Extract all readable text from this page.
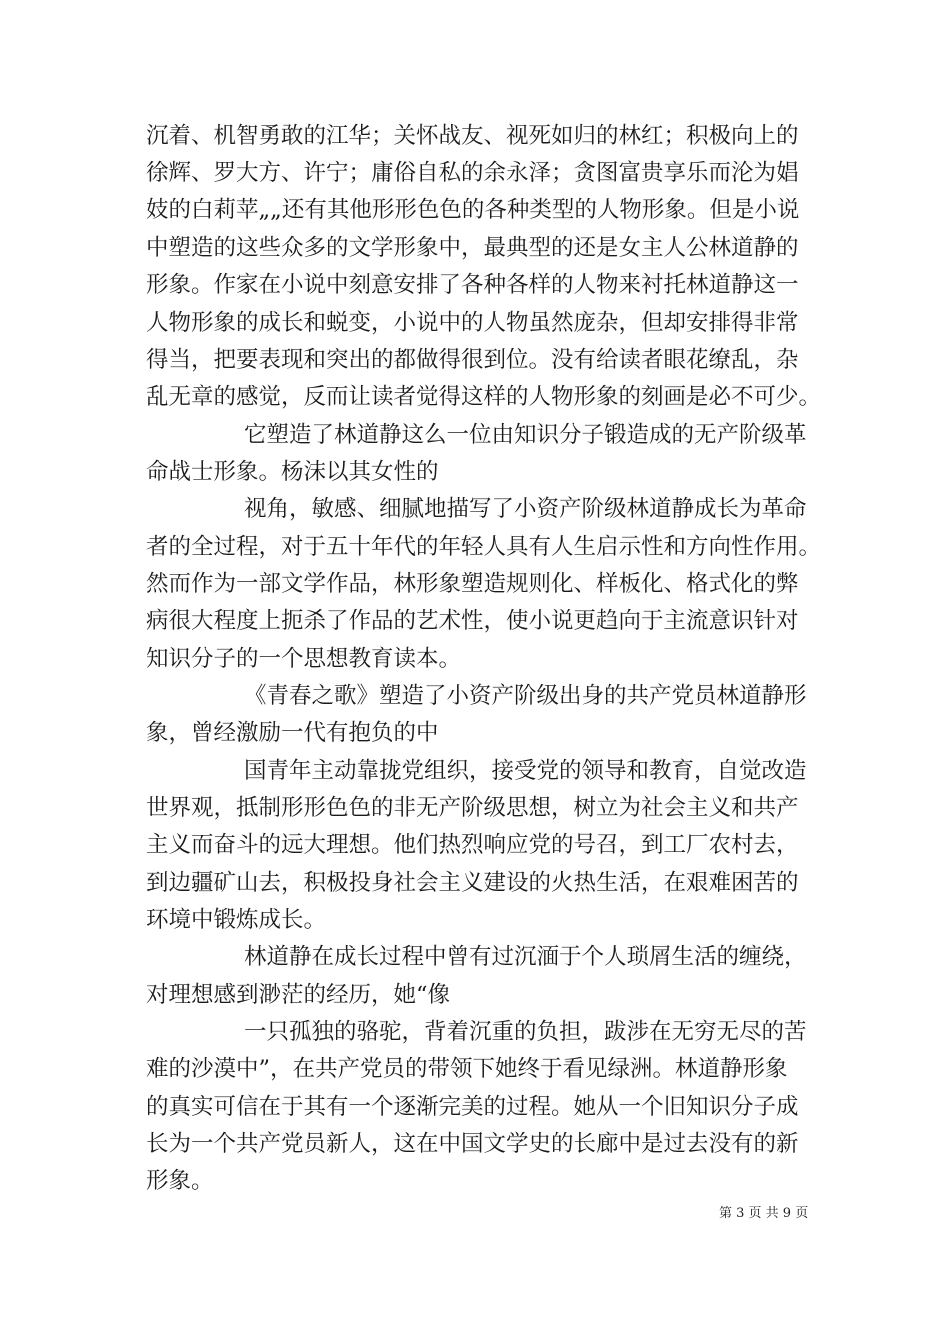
沉着、机智勇敢的江华；关怀战友、视死如归的林红；积极向上的
徐辉、罗大方、许宁；庸俗自私的余永泽；贪图富贵享乐而沦为娼
妓的白莉苹„„还有其他形形色色的各种类型的人物形象。但是小说
中塑造的这些众多的文学形象中，最典型的还是女主人公林道静的
形象。作家在小说中刻意安排了各种各样的人物来衬托林道静这一
人物形象的成长和蜕变，小说中的人物虽然庞杂，但却安排得非常
得当，把要表现和突出的都做得很到位。没有给读者眼花缭乱，杂
乱无章的感觉，反而让读者觉得这样的人物形象的刻画是必不可少。
它塑造了林道静这么一位由知识分子锻造成的无产阶级革
命战士形象。杨沫以其女性的
视角，敏感、细腻地描写了小资产阶级林道静成长为革命
者的全过程，对于五十年代的年轻人具有人生启示性和方向性作用。
然而作为一部文学作品，林形象塑造规则化、样板化、格式化的弊
病很大程度上扼杀了作品的艺术性，使小说更趋向于主流意识针对
知识分子的一个思想教育读本。
《青春之歌》塑造了小资产阶级出身的共产党员林道静形
象，曾经激励一代有抱负的中
国青年主动靠拢党组织，接受党的领导和教育，自觉改造
世界观，抵制形形色色的非无产阶级思想，树立为社会主义和共产
主义而奋斗的远大理想。他们热烈响应党的号召，到工厂农村去，
到边疆矿山去，积极投身社会主义建设的火热生活，在艰难困苦的
环境中锻炼成长。
林道静在成长过程中曾有过沉湎于个人琐屑生活的缠绕，
对理想感到渺茫的经历，她“像
一只孤独的骆驼，背着沉重的负担，跋涉在无穷无尽的苦
难的沙漠中”，在共产党员的带领下她终于看见绿洲。林道静形象
的真实可信在于其有一个逐渐完美的过程。她从一个旧知识分子成
长为一个共产党员新人，这在中国文学史的长廊中是过去没有的新
形象。
第 3 页 共 9 页
